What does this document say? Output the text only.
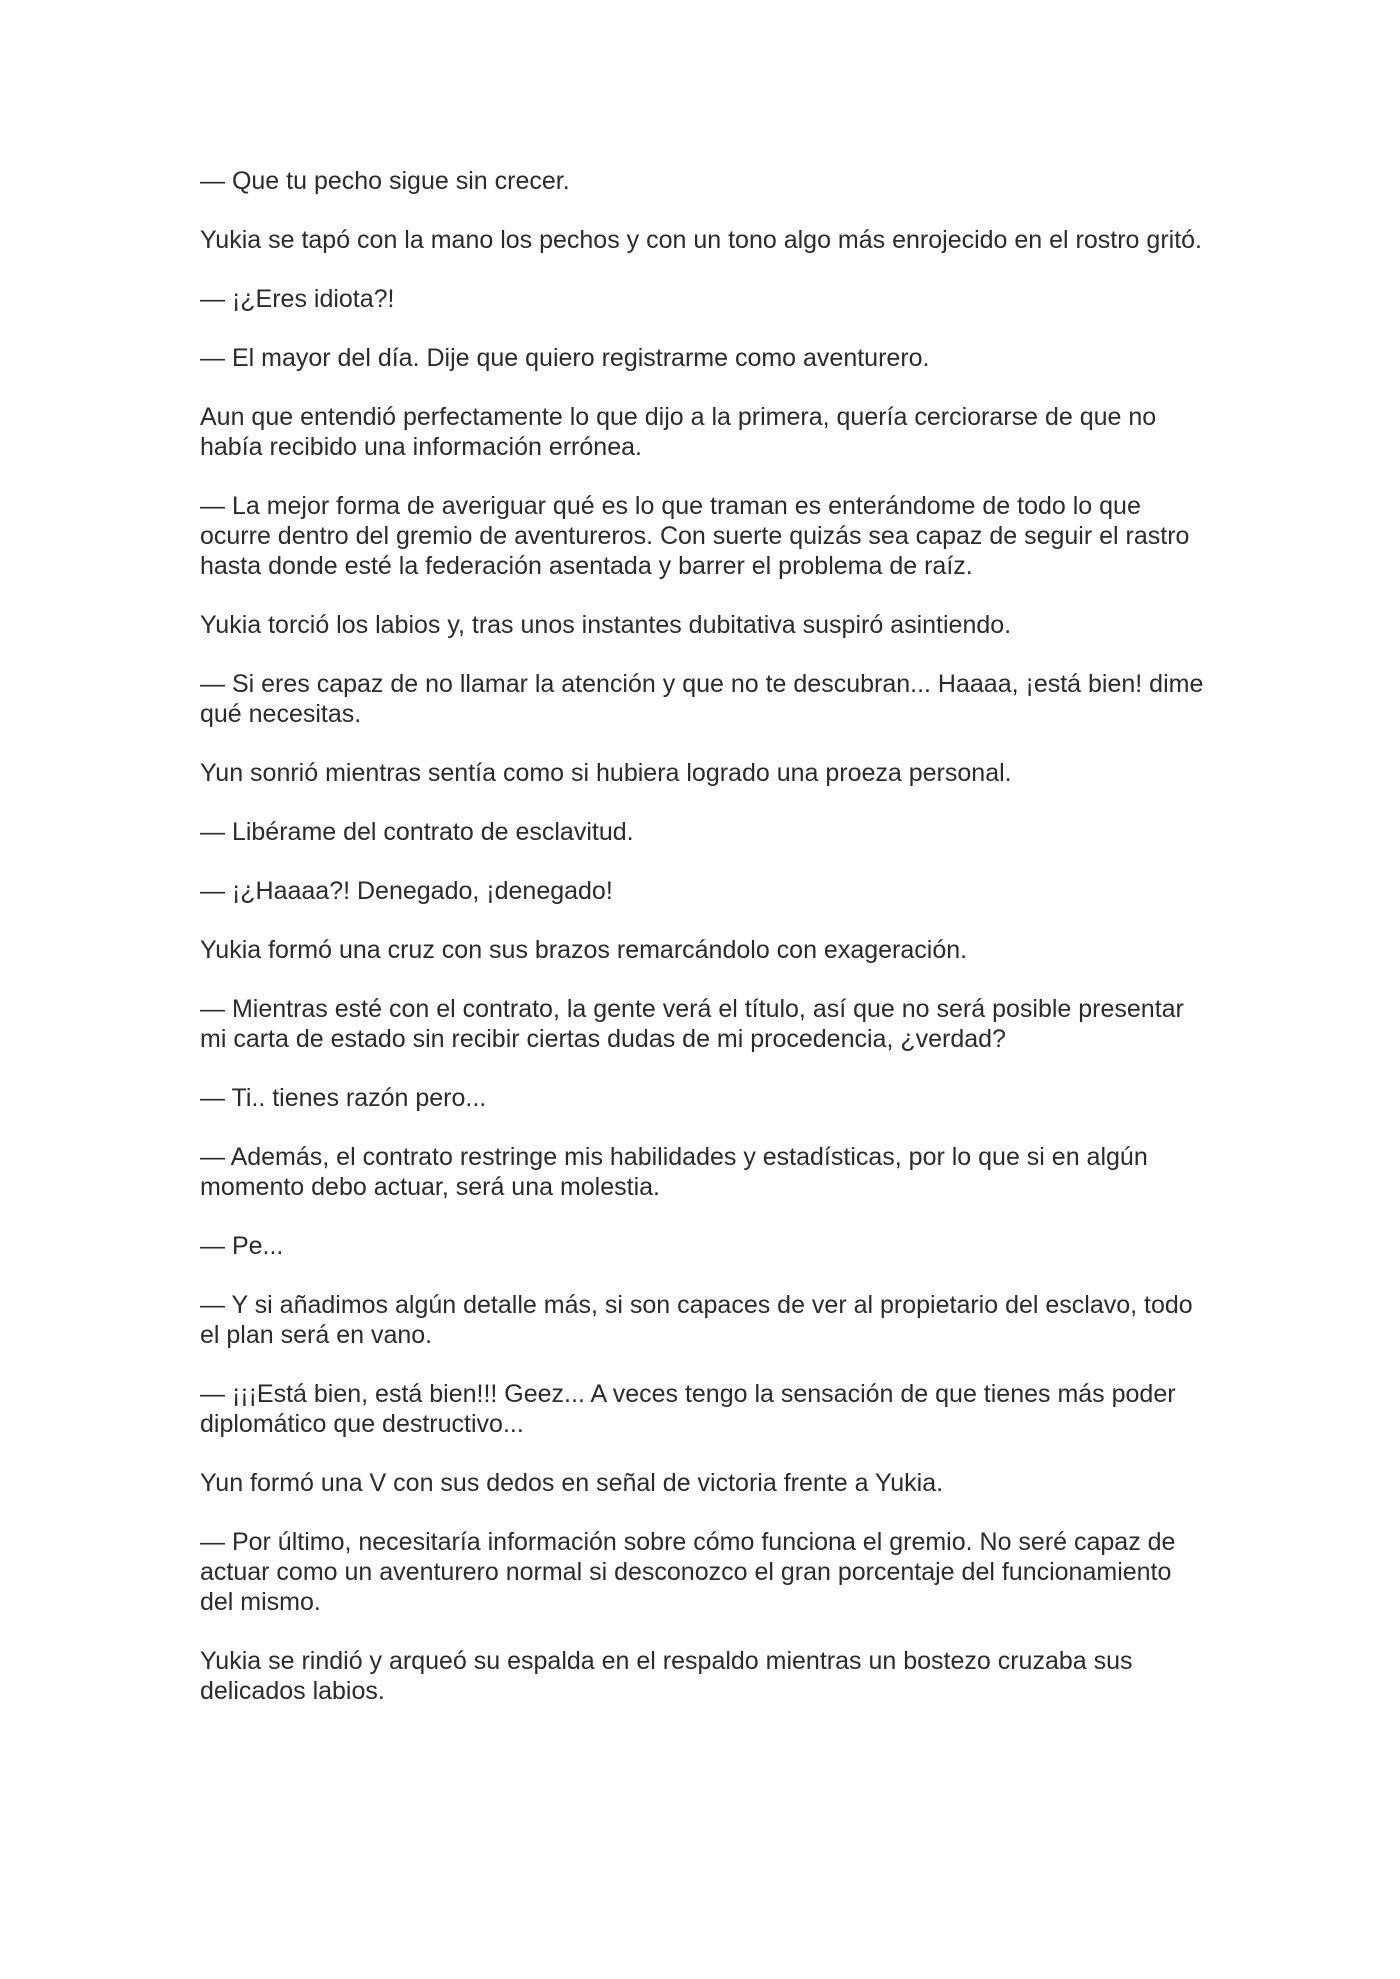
— Que tu pecho sigue sin crecer.

Yukia se tapó con la mano los pechos y con un tono algo más enrojecido en el rostro gritó.

— ¡¿Eres idiota?!

— El mayor del día. Dije que quiero registrarme como aventurero.

Aun que entendió perfectamente lo que dijo a la primera, quería cerciorarse de que no había recibido una información errónea.

— La mejor forma de averiguar qué es lo que traman es enterándome de todo lo que ocurre dentro del gremio de aventureros. Con suerte quizás sea capaz de seguir el rastro hasta donde esté la federación asentada y barrer el problema de raíz.

Yukia torció los labios y, tras unos instantes dubitativa suspiró asintiendo.

— Si eres capaz de no llamar la atención y que no te descubran... Haaaa, ¡está bien! dime qué necesitas.

Yun sonrió mientras sentía como si hubiera logrado una proeza personal.

— Libérame del contrato de esclavitud.

— ¡¿Haaaa?! Denegado, ¡denegado!

Yukia formó una cruz con sus brazos remarcándolo con exageración.

— Mientras esté con el contrato, la gente verá el título, así que no será posible presentar mi carta de estado sin recibir ciertas dudas de mi procedencia, ¿verdad?

— Ti.. tienes razón pero...

— Además, el contrato restringe mis habilidades y estadísticas, por lo que si en algún momento debo actuar, será una molestia.

— Pe...

— Y si añadimos algún detalle más, si son capaces de ver al propietario del esclavo, todo el plan será en vano.

— ¡¡¡Está bien, está bien!!! Geez... A veces tengo la sensación de que tienes más poder diplomático que destructivo...

Yun formó una V con sus dedos en señal de victoria frente a Yukia.

— Por último, necesitaría información sobre cómo funciona el gremio. No seré capaz de actuar como un aventurero normal si desconozco el gran porcentaje del funcionamiento del mismo.

Yukia se rindió y arqueó su espalda en el respaldo mientras un bostezo cruzaba sus delicados labios.
